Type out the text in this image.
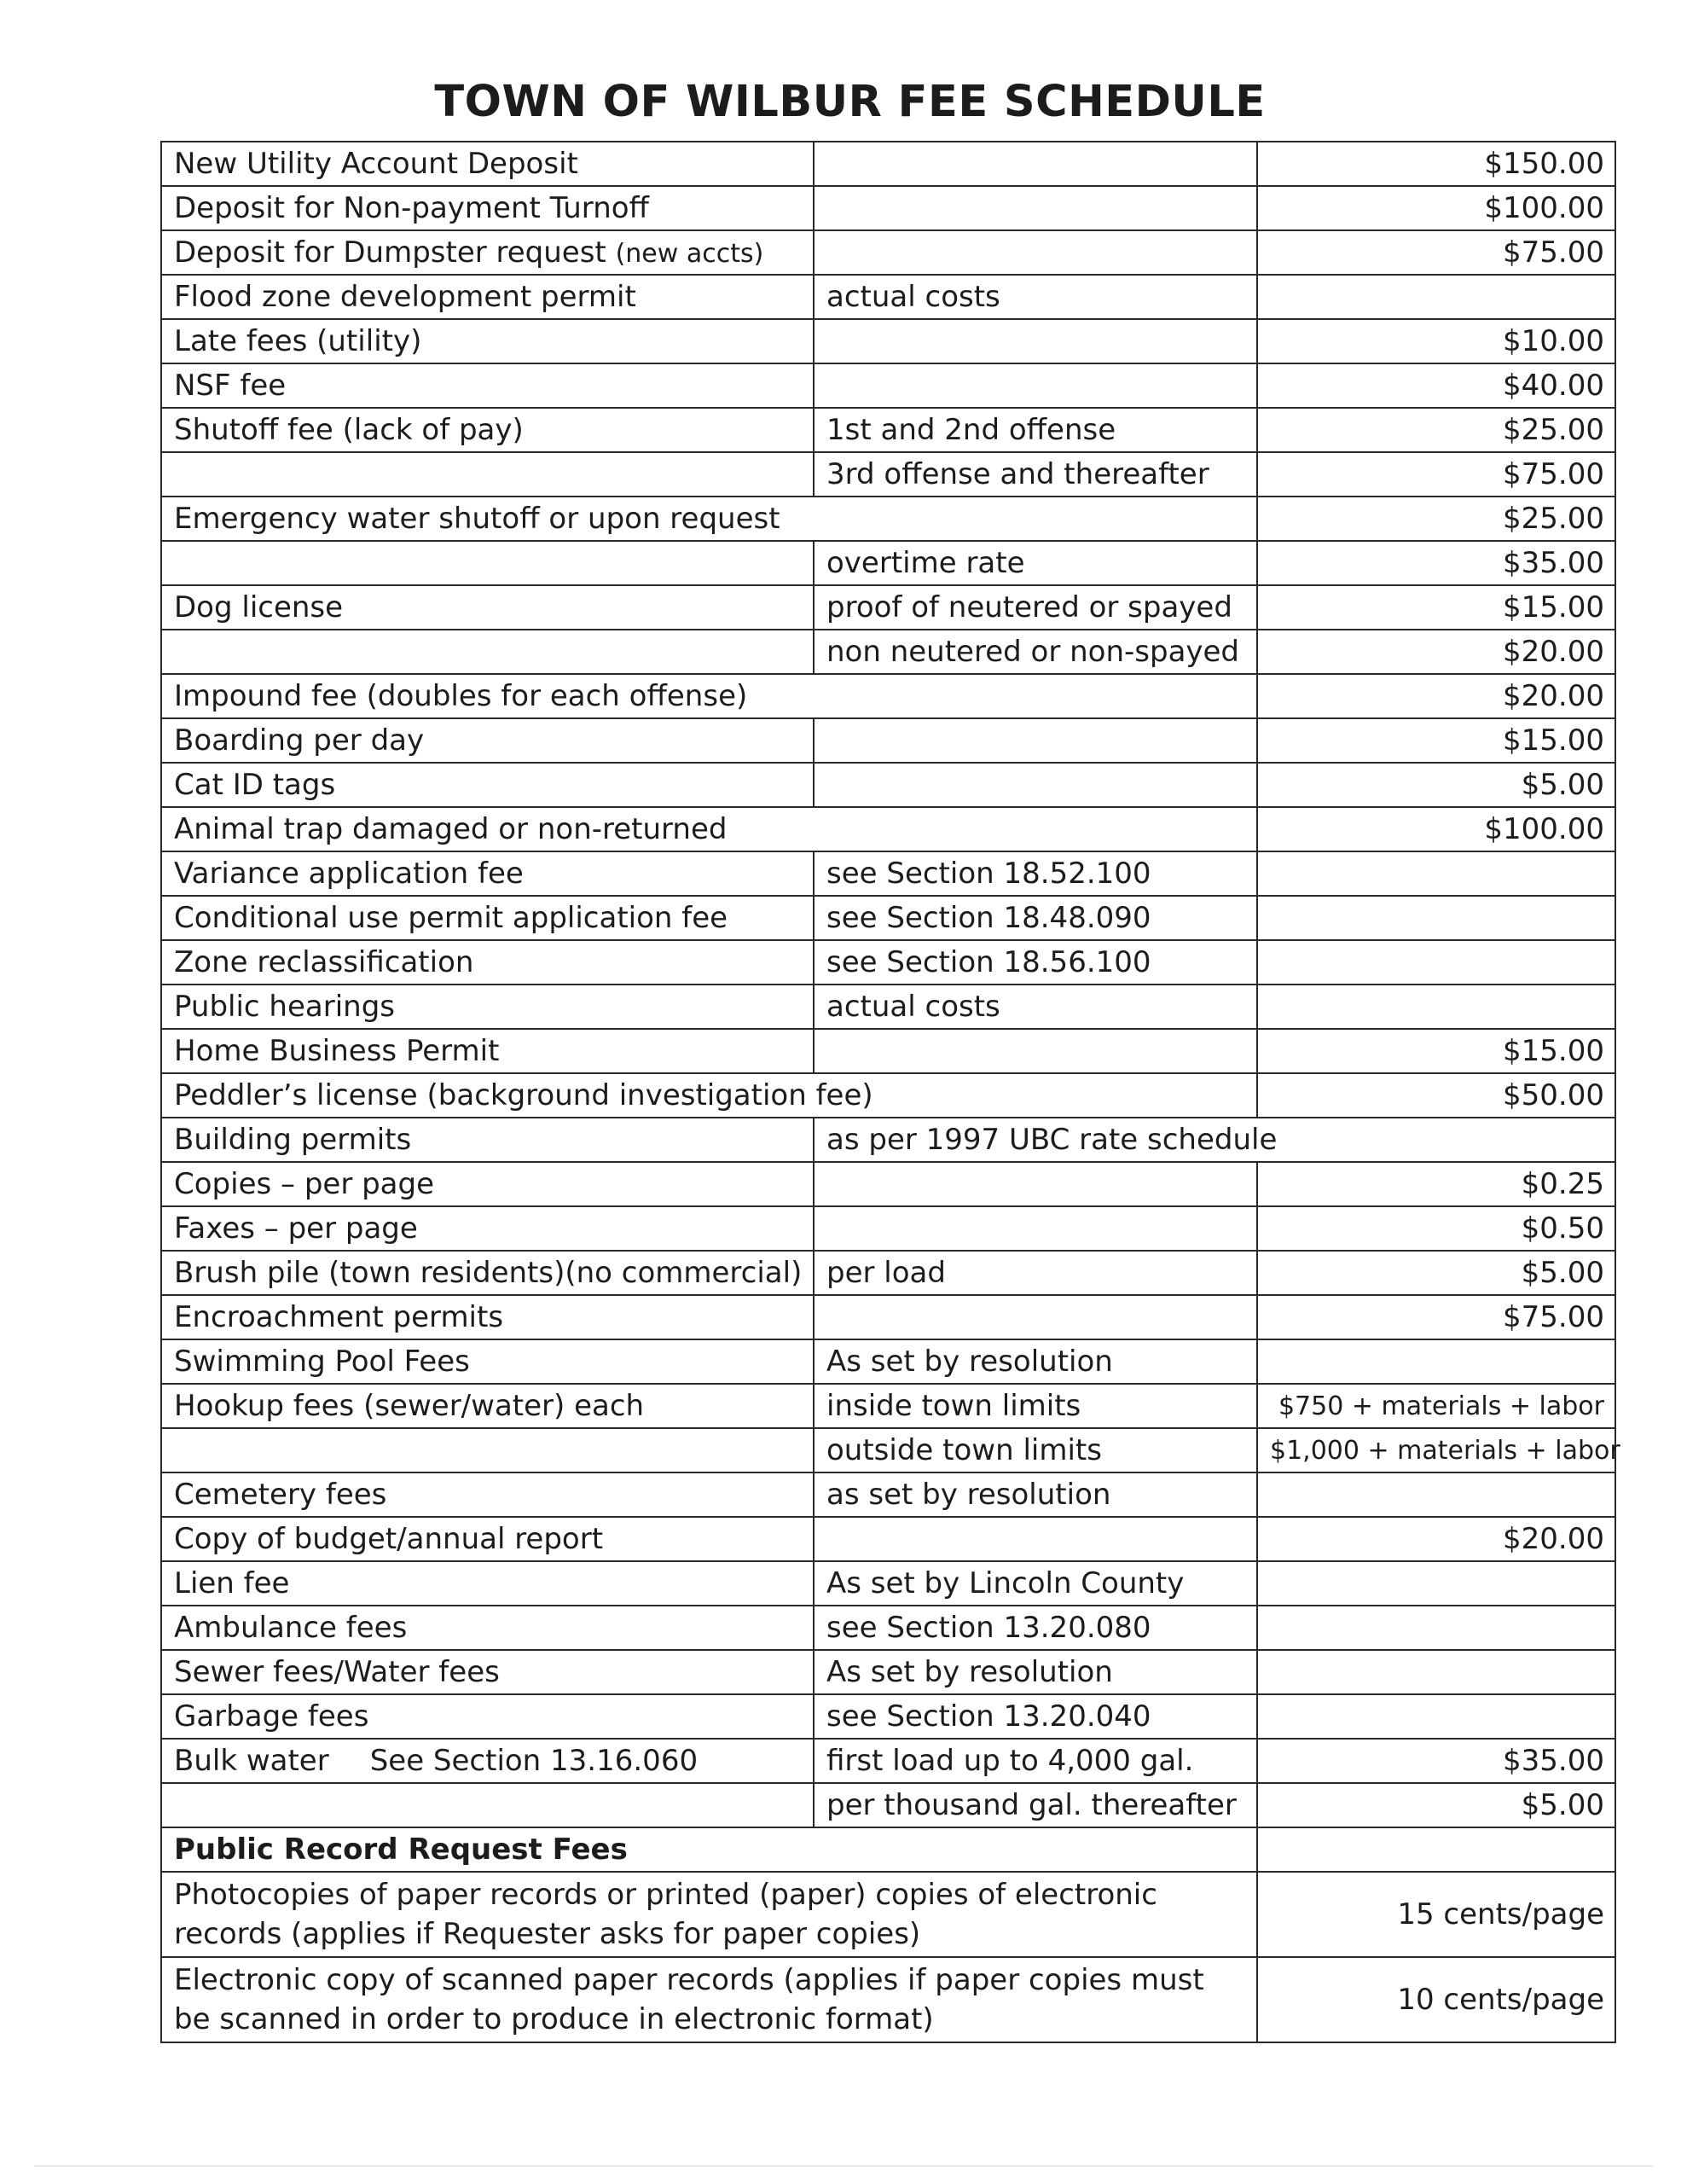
TOWN OF WILBUR FEE SCHEDULE
New Utility Account Deposit		$150.00
Deposit for Non-payment Turnoff		$100.00
Deposit for Dumpster request (new accts)		$75.00
Flood zone development permit	actual costs	
Late fees (utility)		$10.00
NSF fee		$40.00
Shutoff fee (lack of pay)	1st and 2nd offense	$25.00
	3rd offense and thereafter	$75.00
Emergency water shutoff or upon request		$25.00
	overtime rate	$35.00
Dog license	proof of neutered or spayed	$15.00
	non neutered or non-spayed	$20.00
Impound fee (doubles for each offense)		$20.00
Boarding per day		$15.00
Cat ID tags		$5.00
Animal trap damaged or non-returned		$100.00
Variance application fee	see Section 18.52.100	
Conditional use permit application fee	see Section 18.48.090	
Zone reclassification	see Section 18.56.100	
Public hearings	actual costs	
Home Business Permit		$15.00
Peddler’s license (background investigation fee)		$50.00
Building permits	as per 1997 UBC rate schedule	
Copies – per page		$0.25
Faxes – per page		$0.50
Brush pile (town residents)(no commercial)	per load	$5.00
Encroachment permits		$75.00
Swimming Pool Fees	As set by resolution	
Hookup fees (sewer/water) each	inside town limits	$750 + materials + labor
	outside town limits	$1,000 + materials + labor
Cemetery fees	as set by resolution	
Copy of budget/annual report		$20.00
Lien fee	As set by Lincoln County	
Ambulance fees	see Section 13.20.080	
Sewer fees/Water fees	As set by resolution	
Garbage fees	see Section 13.20.040	
Bulk water See Section 13.16.060	first load up to 4,000 gal.	$35.00
	per thousand gal. thereafter	$5.00
Public Record Request Fees		
Photocopies of paper records or printed (paper) copies of electronic records (applies if Requester asks for paper copies)		15 cents/page
Electronic copy of scanned paper records (applies if paper copies must be scanned in order to produce in electronic format)		10 cents/page
